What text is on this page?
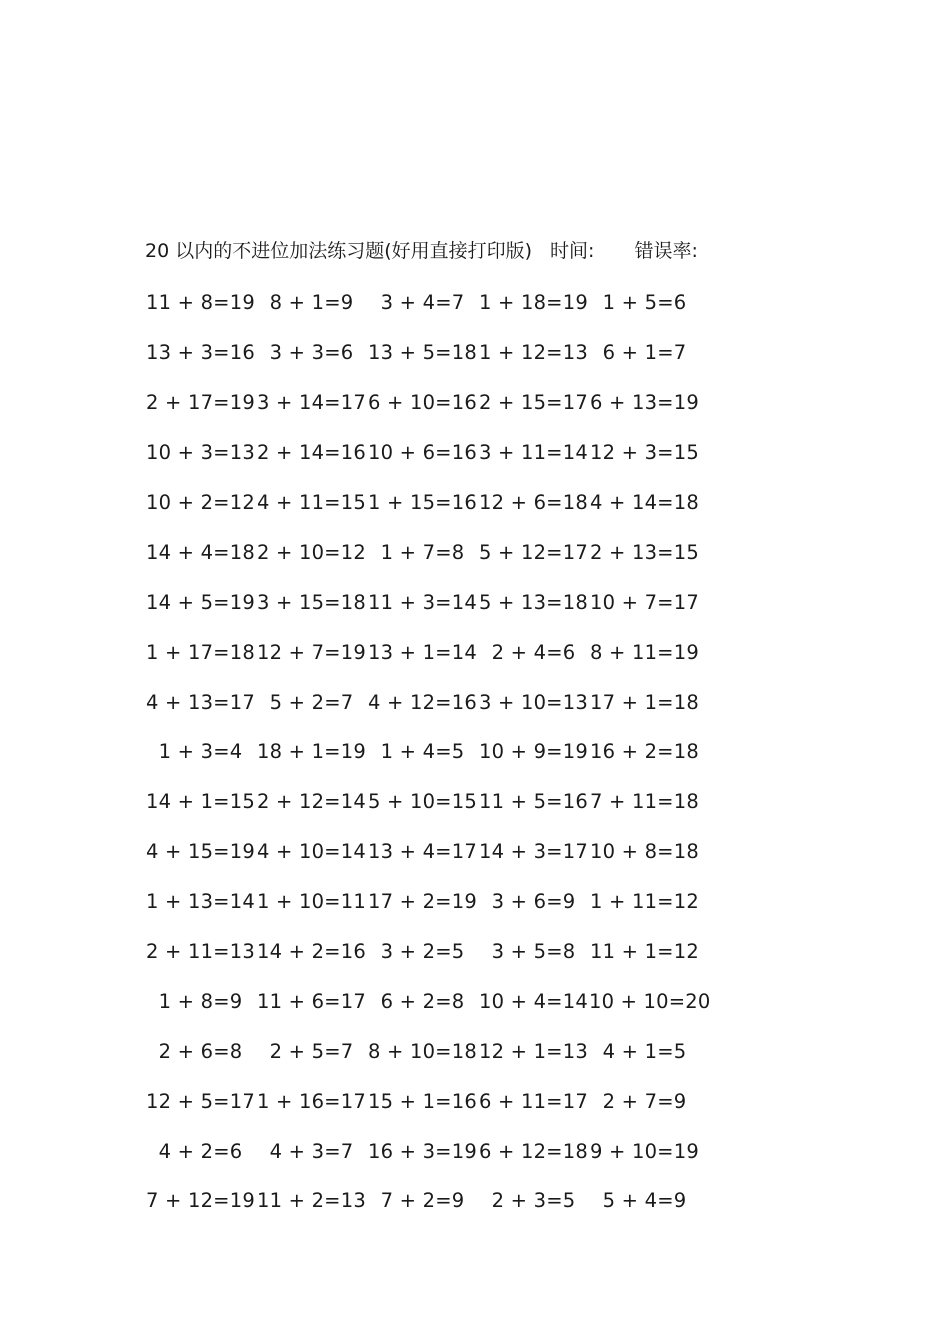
20 以内的不进位加法练习题(好用直接打印版) 时间: 错误率:
11 + 8=19 8 + 1=9	3 + 4=7 1 + 18=19 1 + 5=6
13 + 3=16 3 + 3=6 13 + 5=18 1 + 12=13 6 + 1=7
2 + 17=19 3 + 14=17 6 + 10=16 2 + 15=17 6 + 13=19
10 + 3=13 2 + 14=16 10 + 6=16 3 + 11=14 12 + 3=15
10 + 2=12 4 + 11=15 1 + 15=16 12 + 6=18 4 + 14=18
14 + 4=18 2 + 10=12 1 + 7=8 5 + 12=17 2 + 13=15
14 + 5=19 3 + 15=18 11 + 3=14 5 + 13=18 10 + 7=17
1 + 17=18 12 + 7=19 13 + 1=14 2 + 4=6 8 + 11=19
4 + 13=17 5 + 2=7 4 + 12=16 3 + 10=13 17 + 1=18
1 + 3=4 18 + 1=19 1 + 4=5 10 + 9=19 16 + 2=18
14 + 1=15 2 + 12=14 5 + 10=15 11 + 5=16 7 + 11=18
4 + 15=19 4 + 10=14 13 + 4=17 14 + 3=17 10 + 8=18
1 + 13=14 1 + 10=11 17 + 2=19 3 + 6=9 1 + 11=12
2 + 11=13 14 + 2=16 3 + 2=5	3 + 5=8 11 + 1=12
1 + 8=9 11 + 6=17 6 + 2=8 10 + 4=14 10 + 10=20
2 + 6=8	2 + 5=7 8 + 10=18 12 + 1=13 4 + 1=5
12 + 5=17 1 + 16=17 15 + 1=16 6 + 11=17 2 + 7=9
4 + 2=6	4 + 3=7 16 + 3=19 6 + 12=18 9 + 10=19
7 + 12=19 11 + 2=13 7 + 2=9	2 + 3=5	5 + 4=9
